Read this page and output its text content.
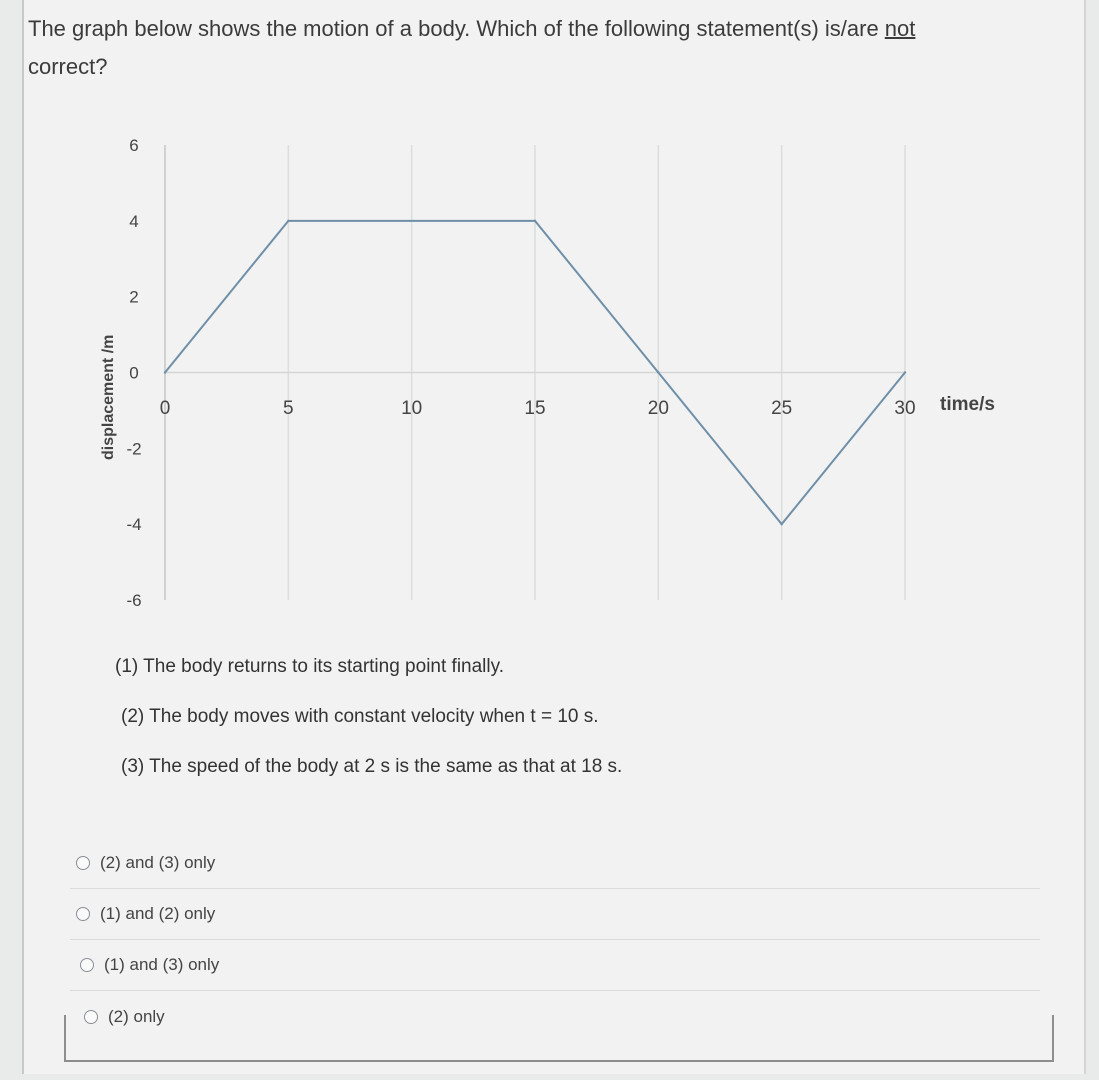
The graph below shows the motion of a body. Which of the following statement(s) is/are not correct?
6
4
2
0
-2
-4
-6
0	5	10	15	20	25	30 time/s
displacement /m
(1) The body returns to its starting point finally.
(2) The body moves with constant velocity when t = 10 s.
(3) The speed of the body at 2 s is the same as that at 18 s.
(2) and (3) only
(1) and (2) only
(1) and (3) only
(2) only
